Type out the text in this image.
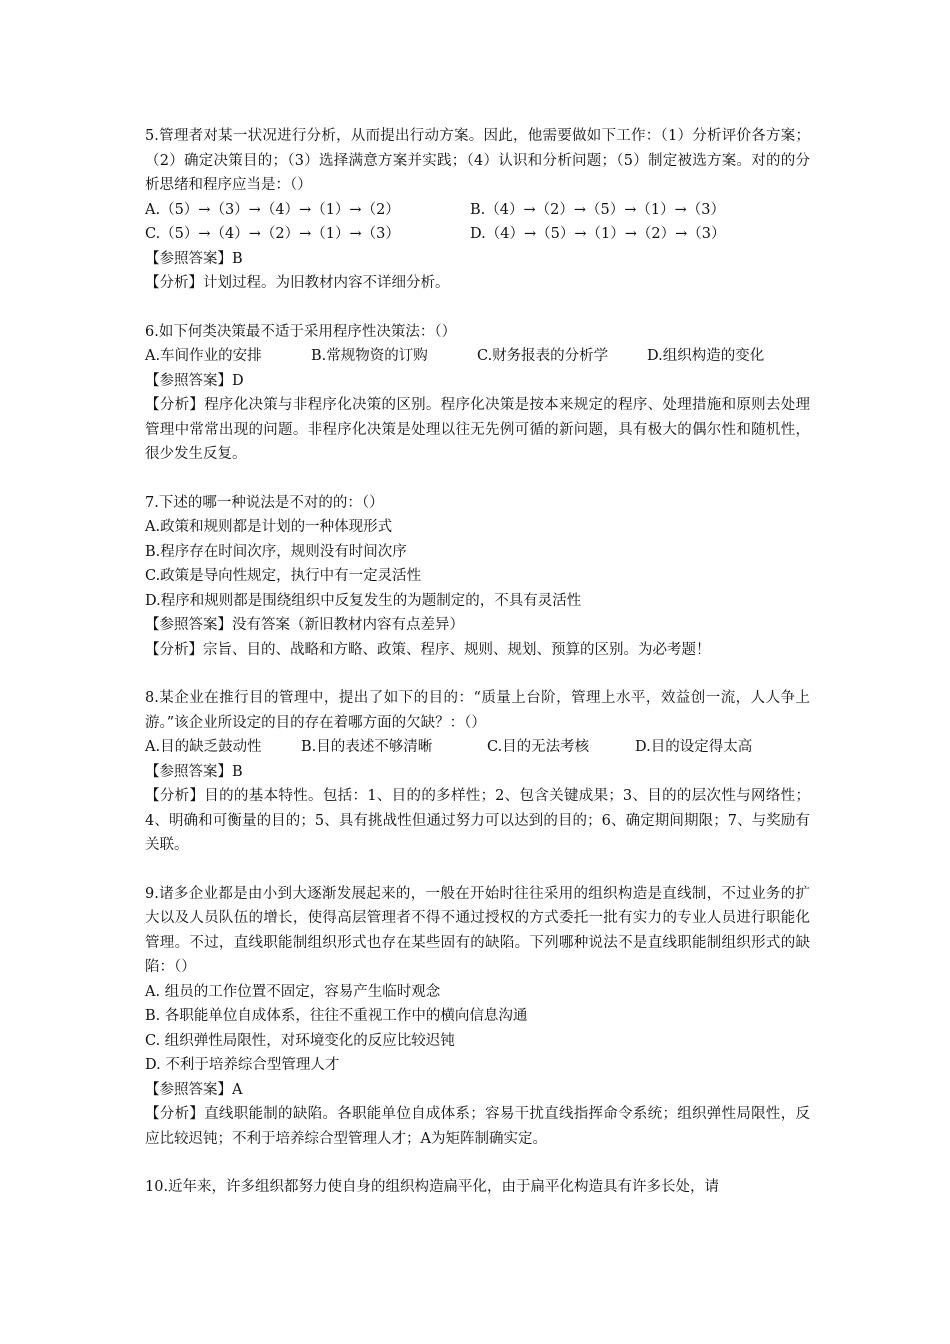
5.管理者对某一状况进行分析，从而提出行动方案。因此，他需要做如下工作：（1）分析评价各方案；（2）确定决策目的；（3）选择满意方案并实践；（4）认识和分析问题；（5）制定被选方案。对的的分析思绪和程序应当是：（）
A.（5）→（3）→（4）→（1）→（2）	B.（4）→（2）→（5）→（1）→（3）
C.（5）→（4）→（2）→（1）→（3）	D.（4）→（5）→（1）→（2）→（3）
【参照答案】B
【分析】计划过程。为旧教材内容不详细分析。
6.如下何类决策最不适于采用程序性决策法：（）
A.车间作业的安排	B.常规物资的订购	C.财务报表的分析学	D.组织构造的变化
【参照答案】D
【分析】程序化决策与非程序化决策的区别。程序化决策是按本来规定的程序、处理措施和原则去处理管理中常常出现的问题。非程序化决策是处理以往无先例可循的新问题，具有极大的偶尔性和随机性，很少发生反复。
7.下述的哪一种说法是不对的的：（）
A.政策和规则都是计划的一种体现形式
B.程序存在时间次序，规则没有时间次序
C.政策是导向性规定，执行中有一定灵活性
D.程序和规则都是围绕组织中反复发生的为题制定的，不具有灵活性
【参照答案】没有答案（新旧教材内容有点差异）
【分析】宗旨、目的、战略和方略、政策、程序、规则、规划、预算的区别。为必考题！
8.某企业在推行目的管理中，提出了如下的目的：“质量上台阶，管理上水平，效益创一流，人人争上游。”该企业所设定的目的存在着哪方面的欠缺？：（）
A.目的缺乏鼓动性	B.目的表述不够清晰	C.目的无法考核	D.目的设定得太高
【参照答案】B
【分析】目的的基本特性。包括：1、目的的多样性；2、包含关键成果；3、目的的层次性与网络性；4、明确和可衡量的目的；5、具有挑战性但通过努力可以达到的目的；6、确定期间期限；7、与奖励有关联。
9.诸多企业都是由小到大逐渐发展起来的，一般在开始时往往采用的组织构造是直线制，不过业务的扩大以及人员队伍的增长，使得高层管理者不得不通过授权的方式委托一批有实力的专业人员进行职能化管理。不过，直线职能制组织形式也存在某些固有的缺陷。下列哪种说法不是直线职能制组织形式的缺陷：（）
A. 组员的工作位置不固定，容易产生临时观念
B. 各职能单位自成体系，往往不重视工作中的横向信息沟通
C. 组织弹性局限性，对环境变化的反应比较迟钝
D. 不利于培养综合型管理人才
【参照答案】A
【分析】直线职能制的缺陷。各职能单位自成体系；容易干扰直线指挥命令系统；组织弹性局限性，反应比较迟钝；不利于培养综合型管理人才；A为矩阵制确实定。
10.近年来，许多组织都努力使自身的组织构造扁平化，由于扁平化构造具有许多长处，请
